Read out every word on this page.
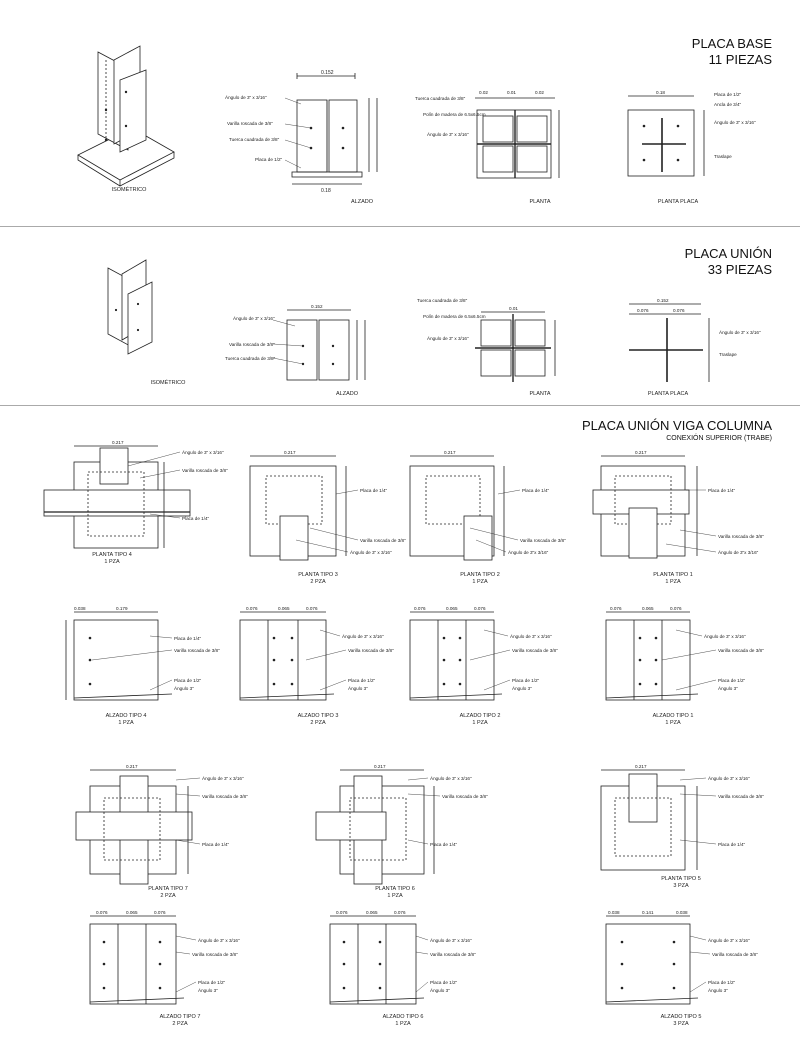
PLACA BASE
11 PIEZAS
PLACA UNIÓN
33 PIEZAS
PLACA UNIÓN VIGA COLUMNA
CONEXIÓN SUPERIOR (TRABE)
ISOMÉTRICO
0.152
0.18
Ángulo de 3" x 3/16"
Varilla roscada de 3/8"
Tuerca cuadrada de 3/8"
Placa de 1/2"
ALZADO
Tuerca cuadrada de 3/8"
Polín de madera de 6.5x6.5cm
Ángulo de 3" x 3/16"
0.02	0.01	0.02
PLANTA
0.18	Placa de 1/2"
Ancla de 3/4"
Ángulo de 3" x 3/16"
Traslape
PLANTA PLACA
ISOMÉTRICO
0.152
Ángulo de 3" x 3/16"
Varilla roscada de 3/8"
Tuerca cuadrada de 3/8"
ALZADO
Tuerca cuadrada de 3/8"
Polín de madera de 6.5x6.5cm
Ángulo de 3" x 3/16"
0.01
PLANTA
0.152
0.076	0.076
Ángulo de 3" x 3/16"
Traslape
PLANTA PLACA
0.217
PLANTA TIPO 4
1 PZA
0.217
PLANTA TIPO 3
2 PZA
0.217
PLANTA TIPO 2
1 PZA
0.217
PLANTA TIPO 1
1 PZA
0.038	0.179
ALZADO TIPO 4
1 PZA
0.076	0.065	0.076
ALZADO TIPO 3
2 PZA
0.076	0.065	0.076
ALZADO TIPO 2
1 PZA
0.076	0.065	0.076
ALZADO TIPO 1
1 PZA
0.217
PLANTA TIPO 7
2 PZA
0.217
PLANTA TIPO 6
1 PZA
0.217
PLANTA TIPO 5
3 PZA
0.076	0.065	0.076
ALZADO TIPO 7
2 PZA
0.076	0.065	0.076
ALZADO TIPO 6
1 PZA
0.038	0.141	0.038
ALZADO TIPO 5
3 PZA
Ángulo de 3" x 3/16"
Varilla roscada de 3/8"
Placa de 1/4"
Placa de 1/4"
Varilla roscada de 3/8"
Ángulo de 3" x 3/16"
Placa de 1/4"
Varilla roscada de 3/8"
Ángulo de 3"x 3/16"
Placa de 1/4"
Varilla roscada de 3/8"
Ángulo de 3"x 3/16"
Placa de 1/4"
Varilla roscada de 3/8"
Placa de 1/2"
Ángulo 3"
Ángulo de 3" x 3/16"
Varilla roscada de 3/8"
Placa de 1/2"
Ángulo 3"
Ángulo de 3" x 3/16"
Varilla roscada de 3/8"
Placa de 1/2"
Ángulo 3"
Ángulo de 3" x 3/16"
Varilla roscada de 3/8"
Placa de 1/2"
Ángulo 3"
Ángulo de 3" x 3/16"
Varilla roscada de 3/8"
Placa de 1/4"
Ángulo de 3" x 3/16"
Varilla roscada de 3/8"
Placa de 1/4"
Ángulo de 3" x 3/16"
Varilla roscada de 3/8"
Placa de 1/4"
Ángulo de 3" x 3/16"
Varilla roscada de 3/8"
Placa de 1/2"
Ángulo 3"
Ángulo de 3" x 3/16"
Varilla roscada de 3/8"
Placa de 1/2"
Ángulo 3"
Ángulo de 3" x 3/16"
Varilla roscada de 3/8"
Placa de 1/2"
Ángulo 3"
